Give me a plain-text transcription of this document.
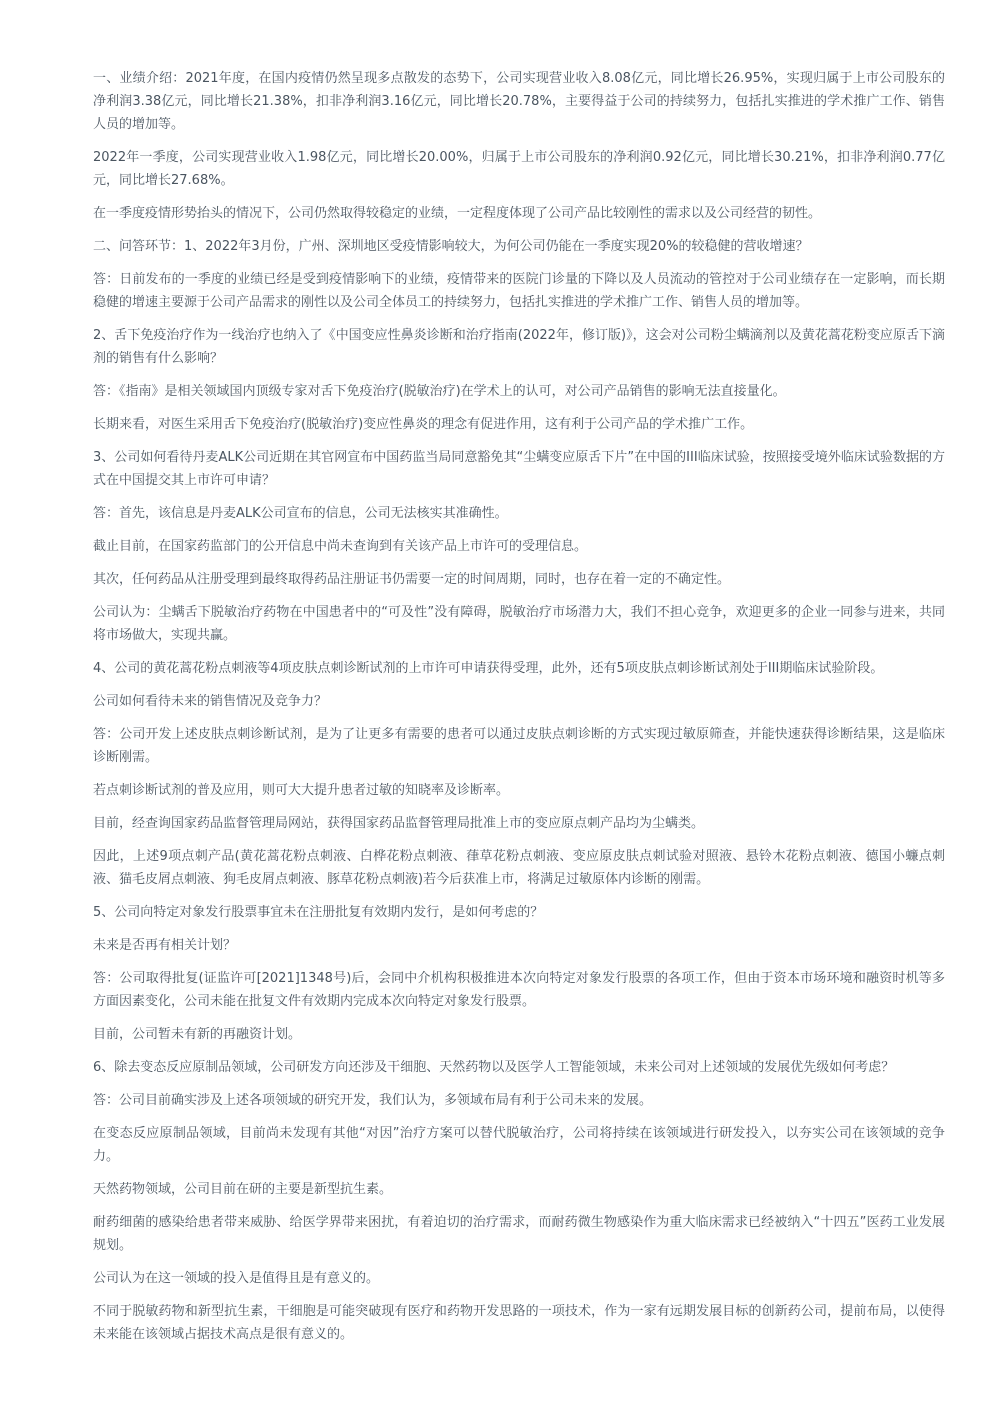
一、业绩介绍：2021年度，在国内疫情仍然呈现多点散发的态势下，公司实现营业收入8.08亿元，同比增长26.95%，实现归属于上市公司股东的净利润3.38亿元，同比增长21.38%，扣非净利润3.16亿元，同比增长20.78%，主要得益于公司的持续努力，包括扎实推进的学术推广工作、销售人员的增加等。

2022年一季度，公司实现营业收入1.98亿元，同比增长20.00%，归属于上市公司股东的净利润0.92亿元，同比增长30.21%，扣非净利润0.77亿元，同比增长27.68%。

在一季度疫情形势抬头的情况下，公司仍然取得较稳定的业绩，一定程度体现了公司产品比较刚性的需求以及公司经营的韧性。

二、问答环节：1、2022年3月份，广州、深圳地区受疫情影响较大，为何公司仍能在一季度实现20%的较稳健的营收增速？

答：日前发布的一季度的业绩已经是受到疫情影响下的业绩，疫情带来的医院门诊量的下降以及人员流动的管控对于公司业绩存在一定影响，而长期稳健的增速主要源于公司产品需求的刚性以及公司全体员工的持续努力，包括扎实推进的学术推广工作、销售人员的增加等。

2、舌下免疫治疗作为一线治疗也纳入了《中国变应性鼻炎诊断和治疗指南(2022年，修订版)》，这会对公司粉尘螨滴剂以及黄花蒿花粉变应原舌下滴剂的销售有什么影响？

答：《指南》是相关领域国内顶级专家对舌下免疫治疗(脱敏治疗)在学术上的认可，对公司产品销售的影响无法直接量化。

长期来看，对医生采用舌下免疫治疗(脱敏治疗)变应性鼻炎的理念有促进作用，这有利于公司产品的学术推广工作。

3、公司如何看待丹麦ALK公司近期在其官网宣布中国药监当局同意豁免其“尘螨变应原舌下片”在中国的III临床试验，按照接受境外临床试验数据的方式在中国提交其上市许可申请？

答：首先，该信息是丹麦ALK公司宣布的信息，公司无法核实其准确性。

截止目前，在国家药监部门的公开信息中尚未查询到有关该产品上市许可的受理信息。

其次，任何药品从注册受理到最终取得药品注册证书仍需要一定的时间周期，同时，也存在着一定的不确定性。

公司认为：尘螨舌下脱敏治疗药物在中国患者中的“可及性”没有障碍，脱敏治疗市场潜力大，我们不担心竞争，欢迎更多的企业一同参与进来，共同将市场做大，实现共赢。

4、公司的黄花蒿花粉点刺液等4项皮肤点刺诊断试剂的上市许可申请获得受理，此外，还有5项皮肤点刺诊断试剂处于III期临床试验阶段。

公司如何看待未来的销售情况及竞争力？

答：公司开发上述皮肤点刺诊断试剂，是为了让更多有需要的患者可以通过皮肤点刺诊断的方式实现过敏原筛查，并能快速获得诊断结果，这是临床诊断刚需。

若点刺诊断试剂的普及应用，则可大大提升患者过敏的知晓率及诊断率。

目前，经查询国家药品监督管理局网站，获得国家药品监督管理局批准上市的变应原点刺产品均为尘螨类。

因此，上述9项点刺产品(黄花蒿花粉点刺液、白桦花粉点刺液、葎草花粉点刺液、变应原皮肤点刺试验对照液、悬铃木花粉点刺液、德国小蠊点刺液、猫毛皮屑点刺液、狗毛皮屑点刺液、豚草花粉点刺液)若今后获准上市，将满足过敏原体内诊断的刚需。

5、公司向特定对象发行股票事宜未在注册批复有效期内发行，是如何考虑的？

未来是否再有相关计划？

答：公司取得批复(证监许可[2021]1348号)后，会同中介机构积极推进本次向特定对象发行股票的各项工作，但由于资本市场环境和融资时机等多方面因素变化，公司未能在批复文件有效期内完成本次向特定对象发行股票。

目前，公司暂未有新的再融资计划。

6、除去变态反应原制品领域，公司研发方向还涉及干细胞、天然药物以及医学人工智能领域，未来公司对上述领域的发展优先级如何考虑？

答：公司目前确实涉及上述各项领域的研究开发，我们认为，多领域布局有利于公司未来的发展。

在变态反应原制品领域，目前尚未发现有其他“对因”治疗方案可以替代脱敏治疗，公司将持续在该领域进行研发投入，以夯实公司在该领域的竞争力。

天然药物领域，公司目前在研的主要是新型抗生素。

耐药细菌的感染给患者带来威胁、给医学界带来困扰，有着迫切的治疗需求，而耐药微生物感染作为重大临床需求已经被纳入“十四五”医药工业发展规划。

公司认为在这一领域的投入是值得且是有意义的。

不同于脱敏药物和新型抗生素，干细胞是可能突破现有医疗和药物开发思路的一项技术，作为一家有远期发展目标的创新药公司，提前布局，以使得未来能在该领域占据技术高点是很有意义的。
